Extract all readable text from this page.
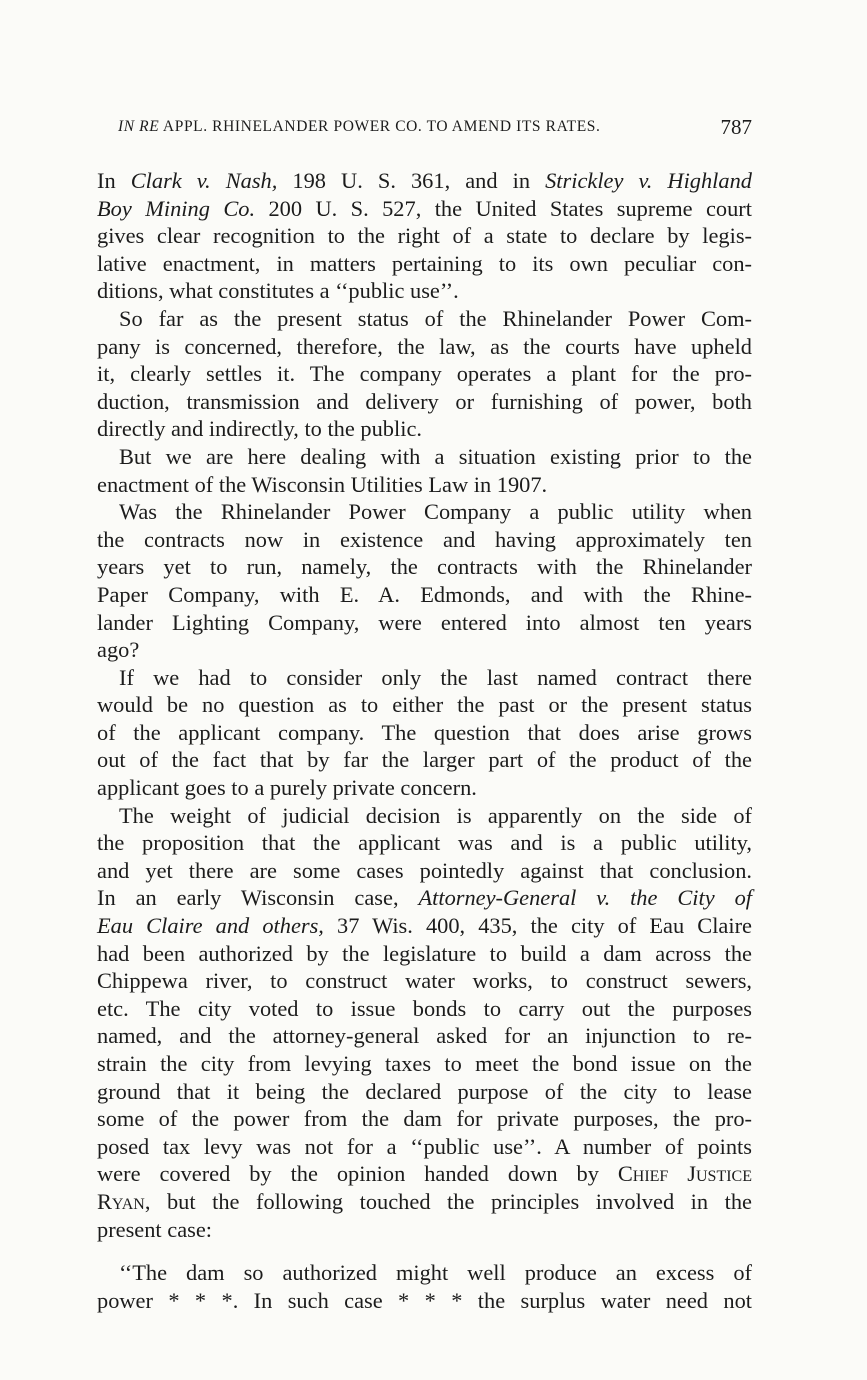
IN RE APPL. RHINELANDER POWER CO. TO AMEND ITS RATES.	787
In Clark v. Nash, 198 U. S. 361, and in Strickley v. Highland
Boy Mining Co. 200 U. S. 527, the United States supreme court
gives clear recognition to the right of a state to declare by legis-
lative enactment, in matters pertaining to its own peculiar con-
ditions, what constitutes a ‘‘public use’’.
So far as the present status of the Rhinelander Power Com-
pany is concerned, therefore, the law, as the courts have upheld
it, clearly settles it. The company operates a plant for the pro-
duction, transmission and delivery or furnishing of power, both
directly and indirectly, to the public.
But we are here dealing with a situation existing prior to the
enactment of the Wisconsin Utilities Law in 1907.
Was the Rhinelander Power Company a public utility when
the contracts now in existence and having approximately ten
years yet to run, namely, the contracts with the Rhinelander
Paper Company, with E. A. Edmonds, and with the Rhine-
lander Lighting Company, were entered into almost ten years
ago?
If we had to consider only the last named contract there
would be no question as to either the past or the present status
of the applicant company. The question that does arise grows
out of the fact that by far the larger part of the product of the
applicant goes to a purely private concern.
The weight of judicial decision is apparently on the side of
the proposition that the applicant was and is a public utility,
and yet there are some cases pointedly against that conclusion.
In an early Wisconsin case, Attorney-General v. the City of
Eau Claire and others, 37 Wis. 400, 435, the city of Eau Claire
had been authorized by the legislature to build a dam across the
Chippewa river, to construct water works, to construct sewers,
etc. The city voted to issue bonds to carry out the purposes
named, and the attorney-general asked for an injunction to re-
strain the city from levying taxes to meet the bond issue on the
ground that it being the declared purpose of the city to lease
some of the power from the dam for private purposes, the pro-
posed tax levy was not for a ‘‘public use’’. A number of points
were covered by the opinion handed down by Chief Justice
Ryan, but the following touched the principles involved in the
present case:
‘‘The dam so authorized might well produce an excess of
power * * *. In such case * * * the surplus water need not
